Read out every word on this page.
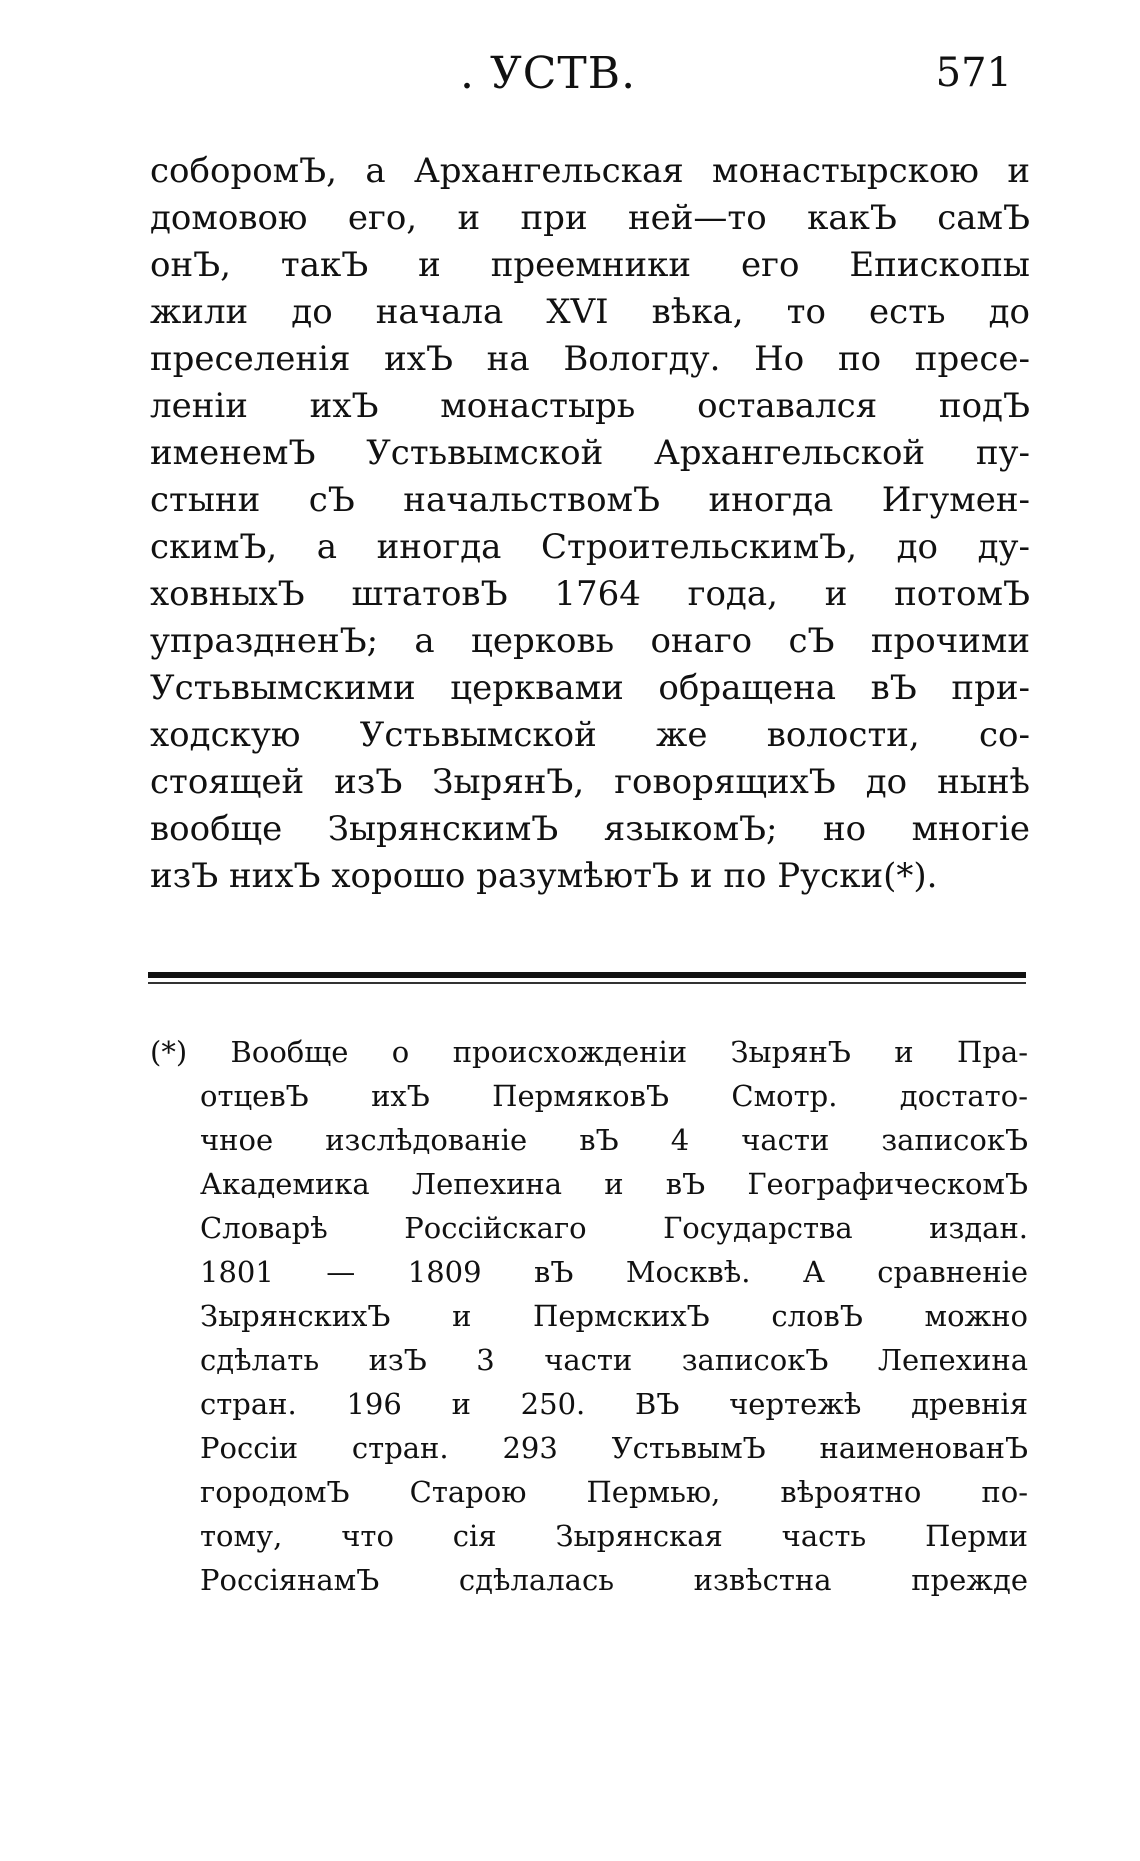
. УСТВ.	571
соборомЪ, а Архангельская монастырскою и
домовою его, и при ней—то какЪ самЪ
онЪ, такЪ и преемники его Епископы
жили до начала XVI вѣка, то есть до
преселенія ихЪ на Вологду. Но по пресе-
леніи ихЪ монастырь оставался подЪ
именемЪ Устьвымской Архангельской пу-
стыни сЪ начальствомЪ иногда Игумен-
скимЪ, а иногда СтроительскимЪ, до ду-
ховныхЪ штатовЪ 1764 года, и потомЪ
упраздненЪ; а церковь онаго сЪ прочими
Устьвымскими церквами обращена вЪ при-
ходскую Устьвымской же волости, со-
стоящей изЪ ЗырянЪ, говорящихЪ до нынѣ
вообще ЗырянскимЪ языкомЪ; но многіе
изЪ нихЪ хорошо разумѣютЪ и по Руски(*).
(*) Вообще о происхожденіи ЗырянЪ и Пра-
отцевЪ ихЪ ПермяковЪ Смотр. достато-
чное изслѣдованіе вЪ 4 части записокЪ
Академика Лепехина и вЪ ГеографическомЪ
Словарѣ Россійскаго Государства издан.
1801 — 1809 вЪ Москвѣ. А сравненіе
ЗырянскихЪ и ПермскихЪ словЪ можно
сдѣлать изЪ 3 части записокЪ Лепехина
стран. 196 и 250. ВЪ чертежѣ древнія
Россіи стран. 293 УстьвымЪ наименованЪ
городомЪ Старою Пермью, вѣроятно по-
тому, что сія Зырянская часть Перми
РоссіянамЪ сдѣлалась извѣстна прежде
